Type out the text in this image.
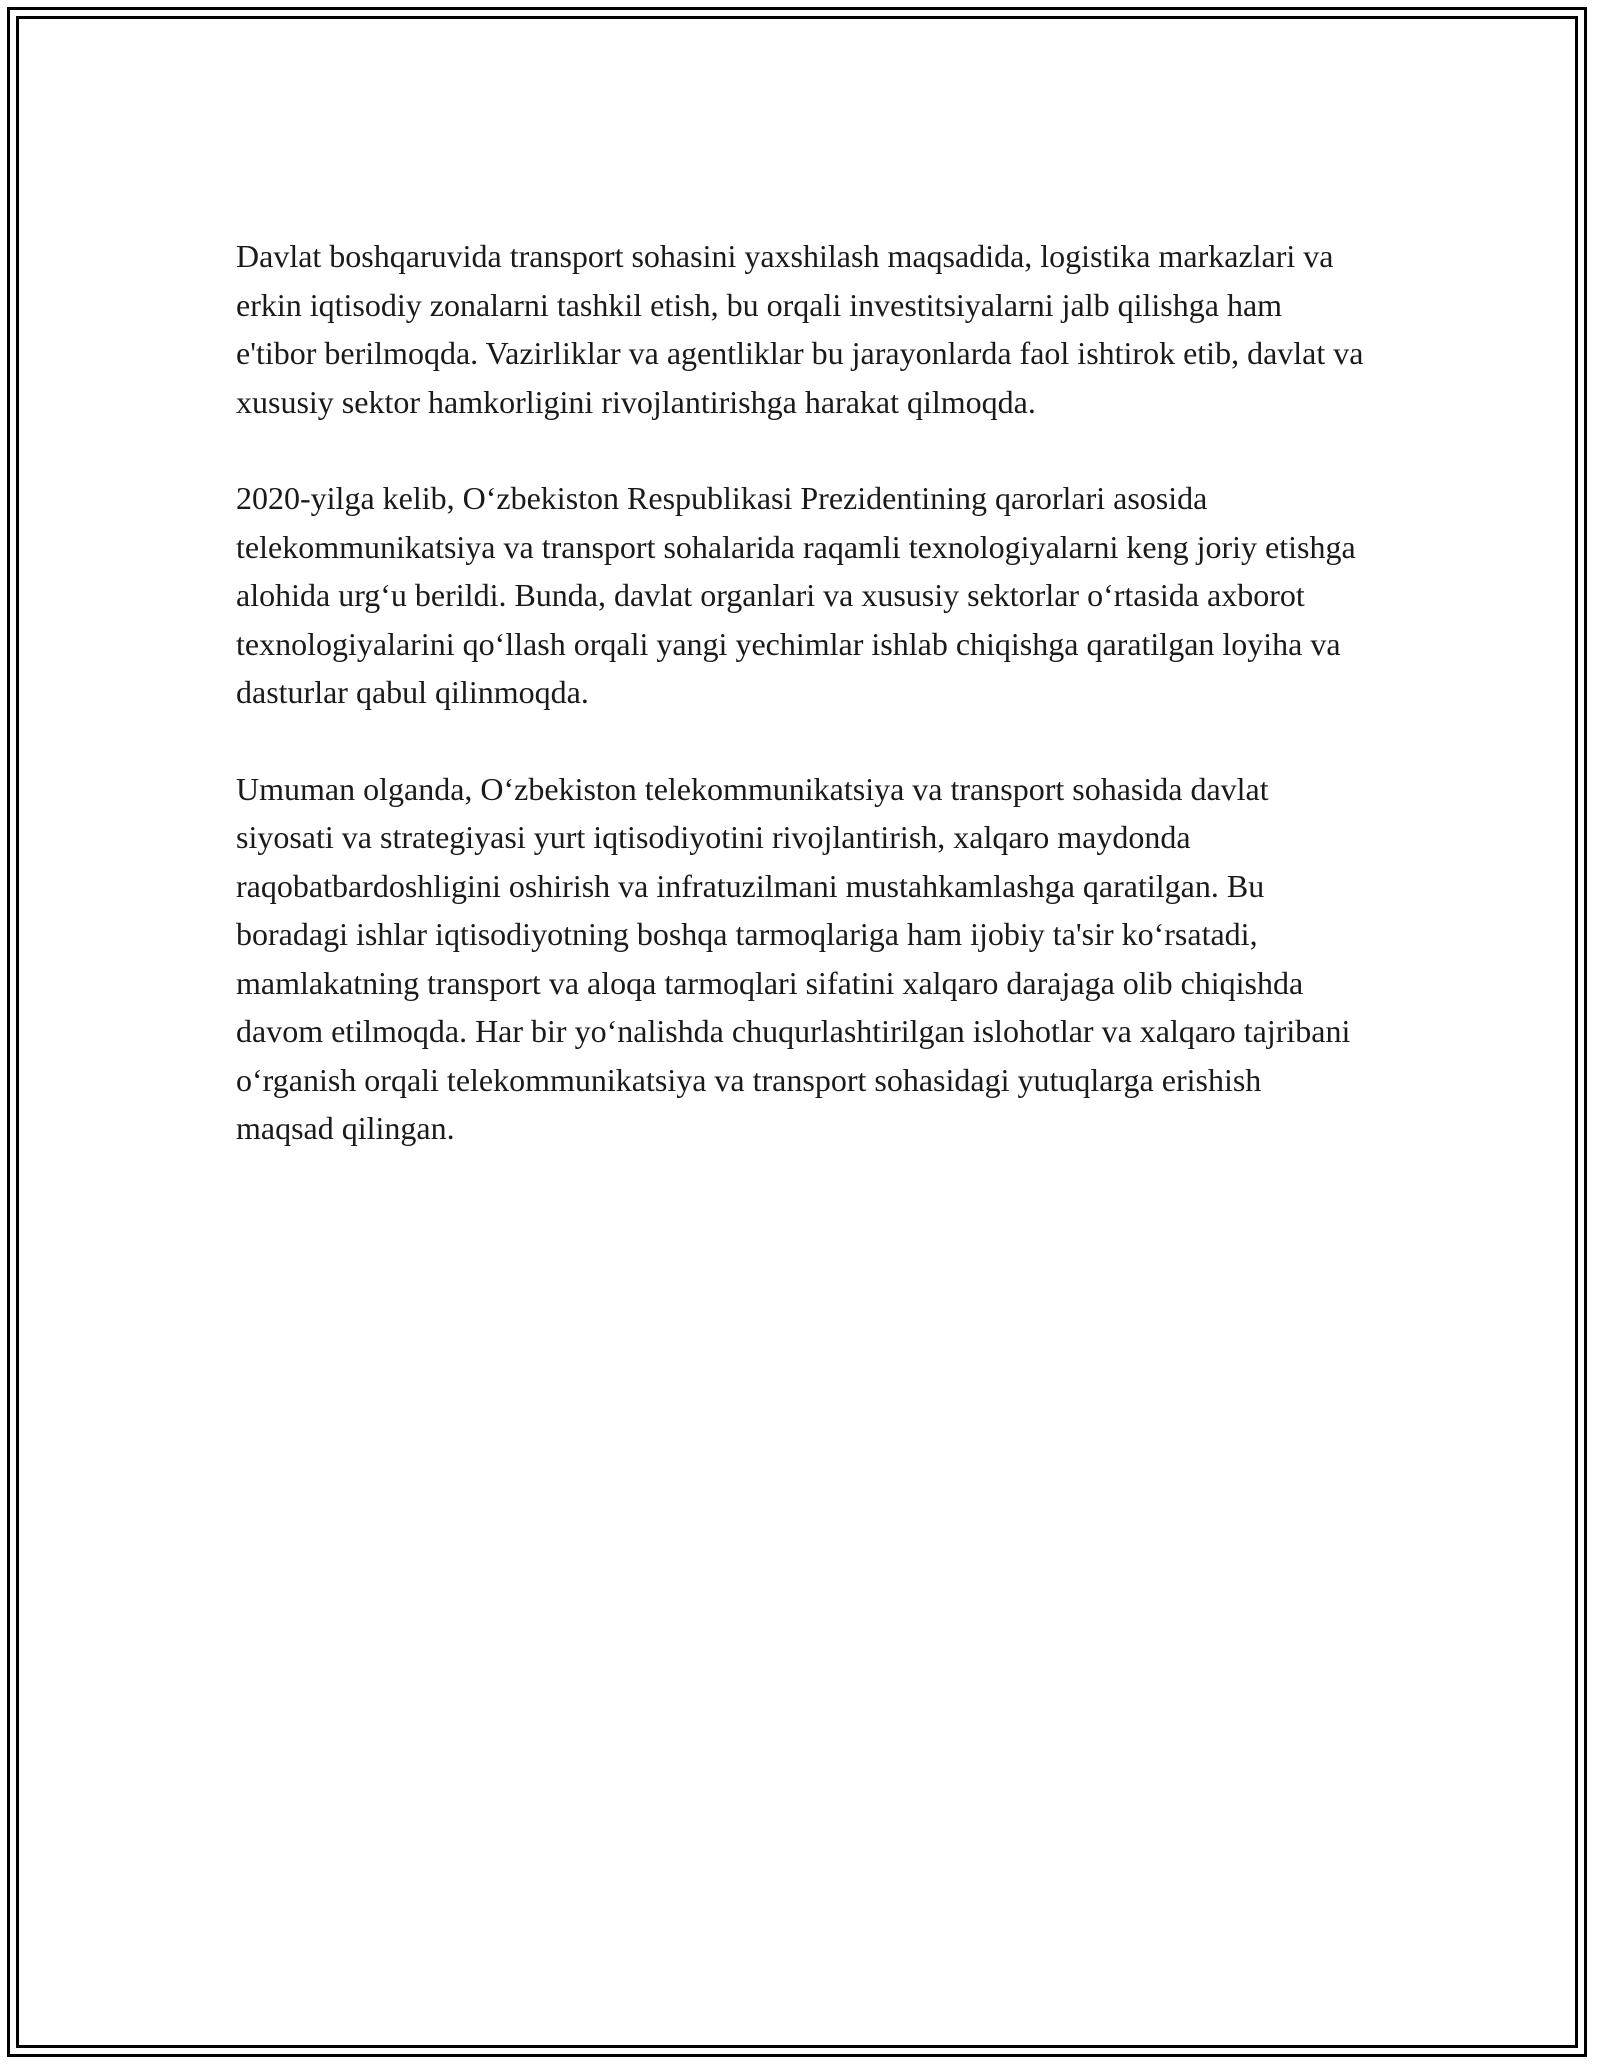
Davlat boshqaruvida transport sohasini yaxshilash maqsadida, logistika markazlari va erkin iqtisodiy zonalarni tashkil etish, bu orqali investitsiyalarni jalb qilishga ham e'tibor berilmoqda. Vazirliklar va agentliklar bu jarayonlarda faol ishtirok etib, davlat va xususiy sektor hamkorligini rivojlantirishga harakat qilmoqda.

2020-yilga kelib, O‘zbekiston Respublikasi Prezidentining qarorlari asosida telekommunikatsiya va transport sohalarida raqamli texnologiyalarni keng joriy etishga alohida urg‘u berildi. Bunda, davlat organlari va xususiy sektorlar o‘rtasida axborot texnologiyalarini qo‘llash orqali yangi yechimlar ishlab chiqishga qaratilgan loyiha va dasturlar qabul qilinmoqda.

Umuman olganda, O‘zbekiston telekommunikatsiya va transport sohasida davlat siyosati va strategiyasi yurt iqtisodiyotini rivojlantirish, xalqaro maydonda raqobatbardoshligini oshirish va infratuzilmani mustahkamlashga qaratilgan. Bu boradagi ishlar iqtisodiyotning boshqa tarmoqlariga ham ijobiy ta'sir ko‘rsatadi, mamlakatning transport va aloqa tarmoqlari sifatini xalqaro darajaga olib chiqishda davom etilmoqda. Har bir yo‘nalishda chuqurlashtirilgan islohotlar va xalqaro tajribani o‘rganish orqali telekommunikatsiya va transport sohasidagi yutuqlarga erishish maqsad qilingan.
